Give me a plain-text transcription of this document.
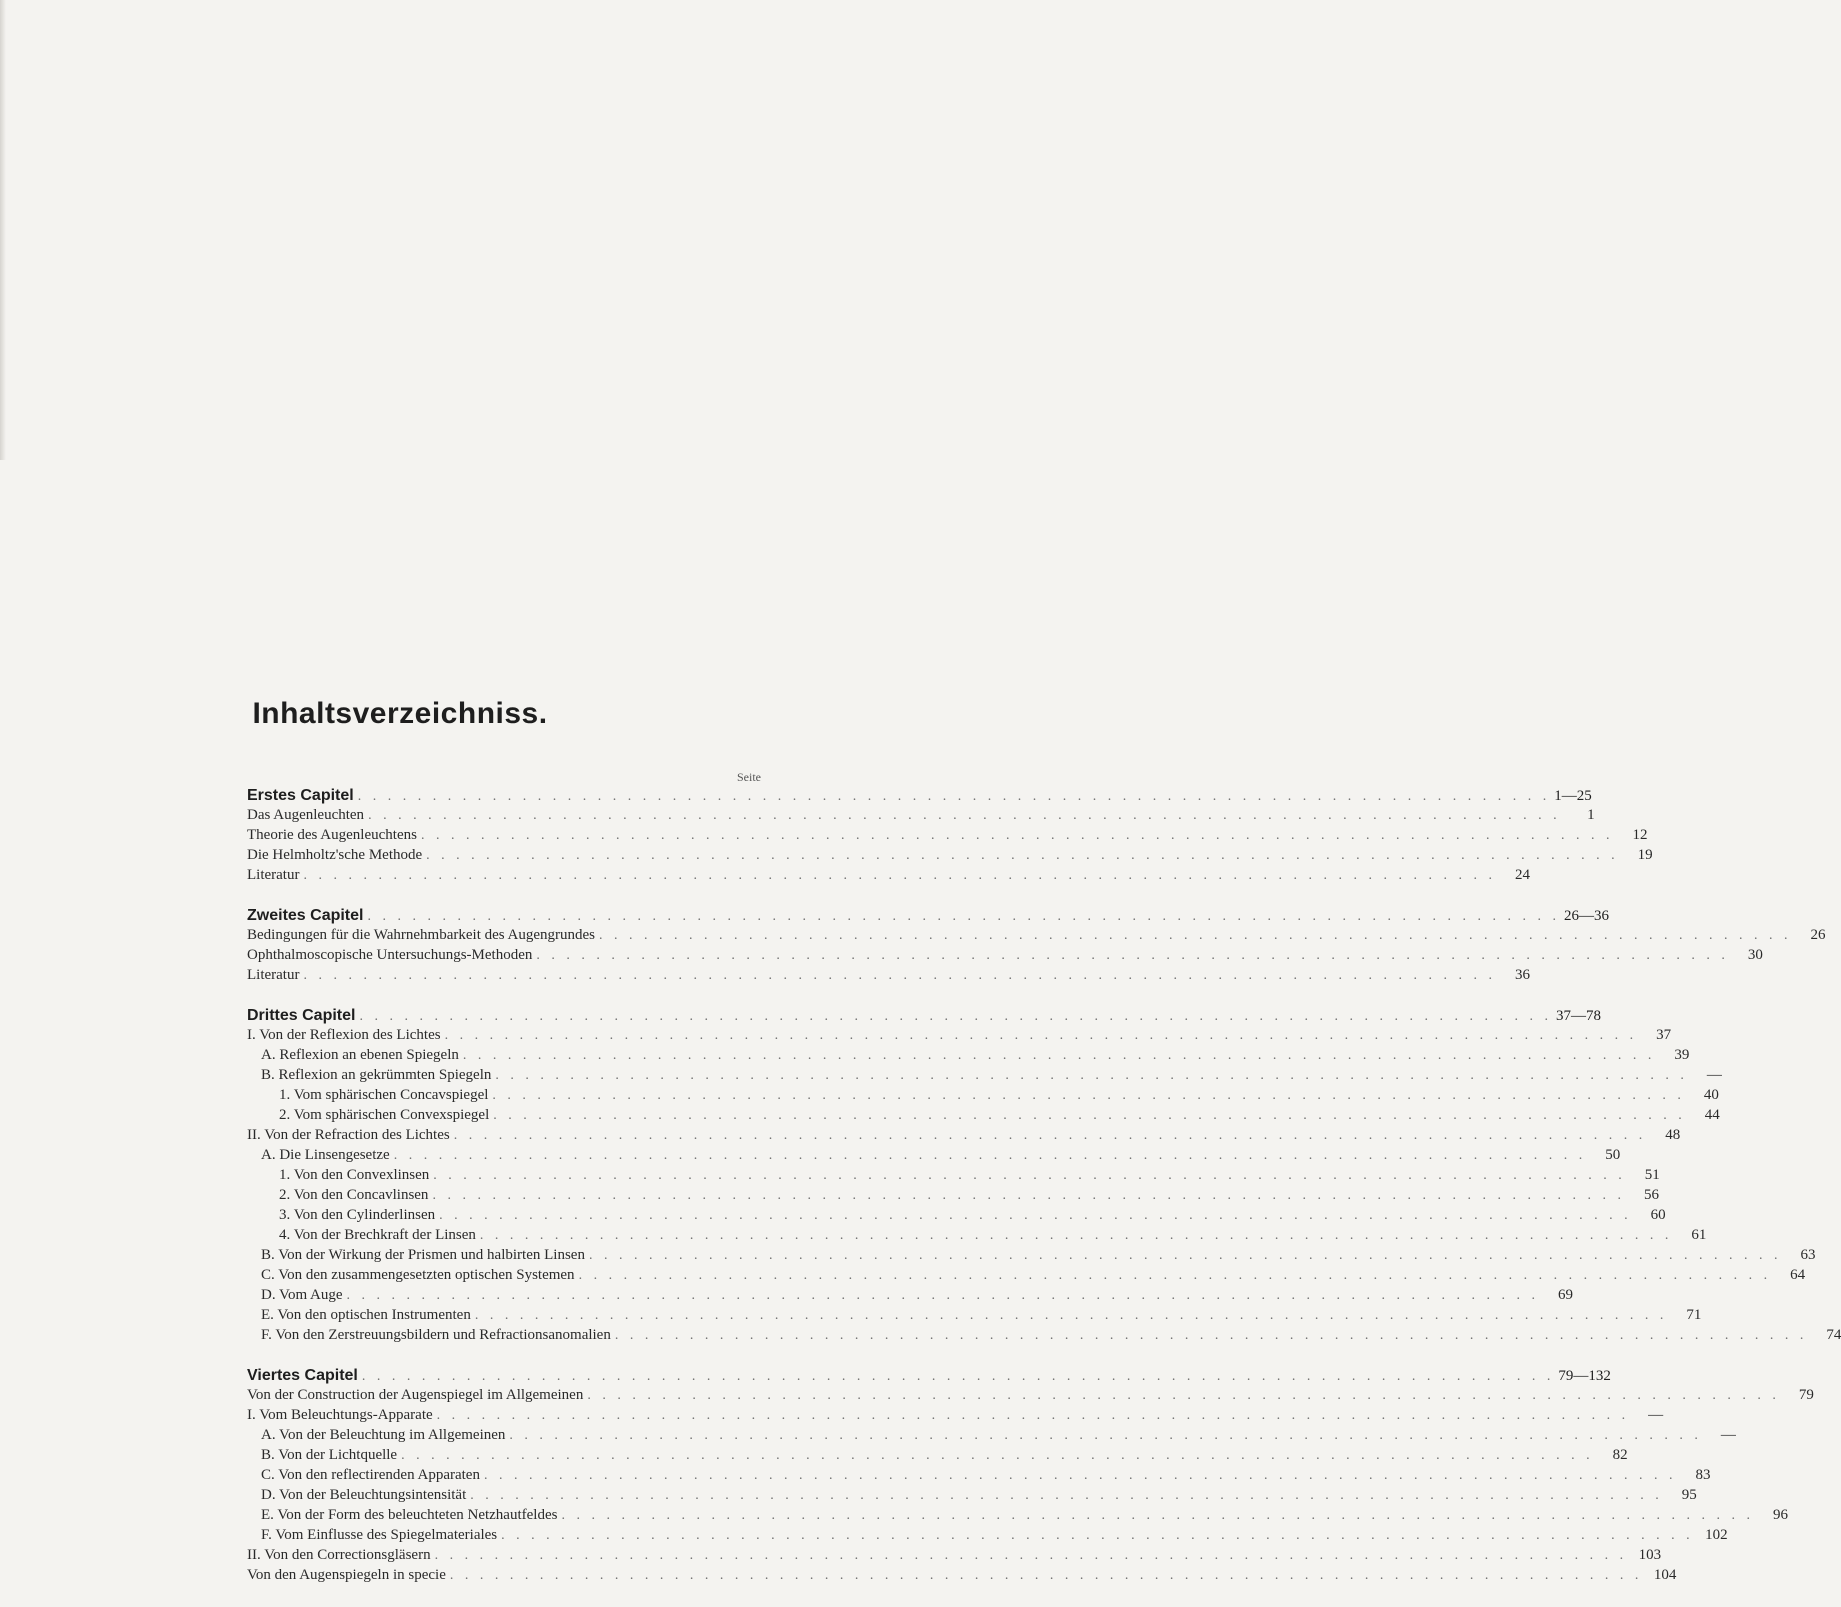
Inhaltsverzeichniss.
Seite
Erstes Capitel . . . . . . . . . . . . . . . . . . . . . . . . . . . . . . . . . . . . . . . . . . . . . . . . . . . . . . . . . . . . . . . . . . . . . . . . . . . . . . . . 1—25
Das Augenleuchten . . . . . . . . . . . . . . . . . . . . . . . . . . . . . . . . . . . . . . . . . . . . . . . . . . . . . . . . . . . . . . . . . . . . . . . . . . . . . . . .	1
Theorie des Augenleuchtens . . . . . . . . . . . . . . . . . . . . . . . . . . . . . . . . . . . . . . . . . . . . . . . . . . . . . . . . . . . . . . . . . . . . . . . . . . . . . . . .	12
Die Helmholtz'sche Methode . . . . . . . . . . . . . . . . . . . . . . . . . . . . . . . . . . . . . . . . . . . . . . . . . . . . . . . . . . . . . . . . . . . . . . . . . . . . . . . .	19
Literatur . . . . . . . . . . . . . . . . . . . . . . . . . . . . . . . . . . . . . . . . . . . . . . . . . . . . . . . . . . . . . . . . . . . . . . . . . . . . . . . .	24
Zweites Capitel . . . . . . . . . . . . . . . . . . . . . . . . . . . . . . . . . . . . . . . . . . . . . . . . . . . . . . . . . . . . . . . . . . . . . . . . . . . . . . . . 26—36
Bedingungen für die Wahrnehmbarkeit des Augengrundes . . . . . . . . . . . . . . . . . . . . . . . . . . . . . . . . . . . . . . . . . . . . . . . . . . . . . . . . . . . . . . . . . . . . . . . . . . . . . . . .	26
Ophthalmoscopische Untersuchungs-Methoden . . . . . . . . . . . . . . . . . . . . . . . . . . . . . . . . . . . . . . . . . . . . . . . . . . . . . . . . . . . . . . . . . . . . . . . . . . . . . . . .	30
Literatur . . . . . . . . . . . . . . . . . . . . . . . . . . . . . . . . . . . . . . . . . . . . . . . . . . . . . . . . . . . . . . . . . . . . . . . . . . . . . . . .	36
Drittes Capitel . . . . . . . . . . . . . . . . . . . . . . . . . . . . . . . . . . . . . . . . . . . . . . . . . . . . . . . . . . . . . . . . . . . . . . . . . . . . . . . . 37—78
I. Von der Reflexion des Lichtes . . . . . . . . . . . . . . . . . . . . . . . . . . . . . . . . . . . . . . . . . . . . . . . . . . . . . . . . . . . . . . . . . . . . . . . . . . . . . . . .	37
A. Reflexion an ebenen Spiegeln . . . . . . . . . . . . . . . . . . . . . . . . . . . . . . . . . . . . . . . . . . . . . . . . . . . . . . . . . . . . . . . . . . . . . . . . . . . . . . . .	39
B. Reflexion an gekrümmten Spiegeln . . . . . . . . . . . . . . . . . . . . . . . . . . . . . . . . . . . . . . . . . . . . . . . . . . . . . . . . . . . . . . . . . . . . . . . . . . . . . . . .	—
1. Vom sphärischen Concavspiegel . . . . . . . . . . . . . . . . . . . . . . . . . . . . . . . . . . . . . . . . . . . . . . . . . . . . . . . . . . . . . . . . . . . . . . . . . . . . . . . .	40
2. Vom sphärischen Convexspiegel . . . . . . . . . . . . . . . . . . . . . . . . . . . . . . . . . . . . . . . . . . . . . . . . . . . . . . . . . . . . . . . . . . . . . . . . . . . . . . . .	44
II. Von der Refraction des Lichtes . . . . . . . . . . . . . . . . . . . . . . . . . . . . . . . . . . . . . . . . . . . . . . . . . . . . . . . . . . . . . . . . . . . . . . . . . . . . . . . .	48
A. Die Linsengesetze . . . . . . . . . . . . . . . . . . . . . . . . . . . . . . . . . . . . . . . . . . . . . . . . . . . . . . . . . . . . . . . . . . . . . . . . . . . . . . . .	50
1. Von den Convexlinsen . . . . . . . . . . . . . . . . . . . . . . . . . . . . . . . . . . . . . . . . . . . . . . . . . . . . . . . . . . . . . . . . . . . . . . . . . . . . . . . .	51
2. Von den Concavlinsen . . . . . . . . . . . . . . . . . . . . . . . . . . . . . . . . . . . . . . . . . . . . . . . . . . . . . . . . . . . . . . . . . . . . . . . . . . . . . . . .	56
3. Von den Cylinderlinsen . . . . . . . . . . . . . . . . . . . . . . . . . . . . . . . . . . . . . . . . . . . . . . . . . . . . . . . . . . . . . . . . . . . . . . . . . . . . . . . .	60
4. Von der Brechkraft der Linsen . . . . . . . . . . . . . . . . . . . . . . . . . . . . . . . . . . . . . . . . . . . . . . . . . . . . . . . . . . . . . . . . . . . . . . . . . . . . . . . .	61
B. Von der Wirkung der Prismen und halbirten Linsen . . . . . . . . . . . . . . . . . . . . . . . . . . . . . . . . . . . . . . . . . . . . . . . . . . . . . . . . . . . . . . . . . . . . . . . . . . . . . . . .	63
C. Von den zusammengesetzten optischen Systemen . . . . . . . . . . . . . . . . . . . . . . . . . . . . . . . . . . . . . . . . . . . . . . . . . . . . . . . . . . . . . . . . . . . . . . . . . . . . . . . .	64
D. Vom Auge . . . . . . . . . . . . . . . . . . . . . . . . . . . . . . . . . . . . . . . . . . . . . . . . . . . . . . . . . . . . . . . . . . . . . . . . . . . . . . . .	69
E. Von den optischen Instrumenten . . . . . . . . . . . . . . . . . . . . . . . . . . . . . . . . . . . . . . . . . . . . . . . . . . . . . . . . . . . . . . . . . . . . . . . . . . . . . . . .	71
F. Von den Zerstreuungsbildern und Refractionsanomalien . . . . . . . . . . . . . . . . . . . . . . . . . . . . . . . . . . . . . . . . . . . . . . . . . . . . . . . . . . . . . . . . . . . . . . . . . . . . . . . .	74
Viertes Capitel . . . . . . . . . . . . . . . . . . . . . . . . . . . . . . . . . . . . . . . . . . . . . . . . . . . . . . . . . . . . . . . . . . . . . . . . . . . . . . . . 79—132
Von der Construction der Augenspiegel im Allgemeinen . . . . . . . . . . . . . . . . . . . . . . . . . . . . . . . . . . . . . . . . . . . . . . . . . . . . . . . . . . . . . . . . . . . . . . . . . . . . . . . .	79
I. Vom Beleuchtungs-Apparate . . . . . . . . . . . . . . . . . . . . . . . . . . . . . . . . . . . . . . . . . . . . . . . . . . . . . . . . . . . . . . . . . . . . . . . . . . . . . . . .	—
A. Von der Beleuchtung im Allgemeinen . . . . . . . . . . . . . . . . . . . . . . . . . . . . . . . . . . . . . . . . . . . . . . . . . . . . . . . . . . . . . . . . . . . . . . . . . . . . . . . .	—
B. Von der Lichtquelle . . . . . . . . . . . . . . . . . . . . . . . . . . . . . . . . . . . . . . . . . . . . . . . . . . . . . . . . . . . . . . . . . . . . . . . . . . . . . . . .	82
C. Von den reflectirenden Apparaten . . . . . . . . . . . . . . . . . . . . . . . . . . . . . . . . . . . . . . . . . . . . . . . . . . . . . . . . . . . . . . . . . . . . . . . . . . . . . . . .	83
D. Von der Beleuchtungsintensität . . . . . . . . . . . . . . . . . . . . . . . . . . . . . . . . . . . . . . . . . . . . . . . . . . . . . . . . . . . . . . . . . . . . . . . . . . . . . . . .	95
E. Von der Form des beleuchteten Netzhautfeldes . . . . . . . . . . . . . . . . . . . . . . . . . . . . . . . . . . . . . . . . . . . . . . . . . . . . . . . . . . . . . . . . . . . . . . . . . . . . . . . .	96
F. Vom Einflusse des Spiegelmateriales . . . . . . . . . . . . . . . . . . . . . . . . . . . . . . . . . . . . . . . . . . . . . . . . . . . . . . . . . . . . . . . . . . . . . . . . . . . . . . . . 102
II. Von den Correctionsgläsern . . . . . . . . . . . . . . . . . . . . . . . . . . . . . . . . . . . . . . . . . . . . . . . . . . . . . . . . . . . . . . . . . . . . . . . . . . . . . . . . 103
Von den Augenspiegeln in specie . . . . . . . . . . . . . . . . . . . . . . . . . . . . . . . . . . . . . . . . . . . . . . . . . . . . . . . . . . . . . . . . . . . . . . . . . . . . . . . . 104
